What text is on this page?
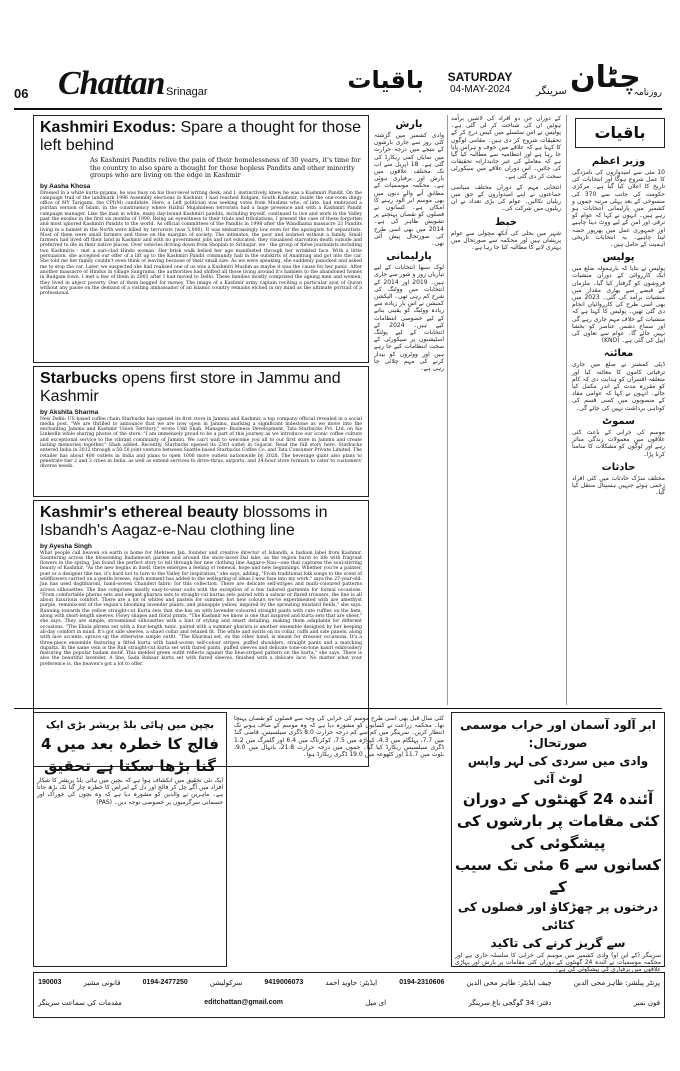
06 Chattan Srinagar	باقیات	SATURDAY
04-MAY-2024	سرینگر چٹان
روزنامہ
Kashmiri Exodus: Spare a thought for those left behind
As Kashmiri Pandits relive the pain of their homelessness of 30 years, it's time for the country to also spare a thought for those hopless Pandits and other minority groups who are living on the edge in Kashmir
by Aasha Khosa
Dressed in a white kurta-pyjama, he was busy on his floor-level writing desk, and I, instinctively, knew he was a Kashmiri Pandit. On the campaign trail of the landmark 1996 Assembly elections in Kashmir, I had reached Kulgam, South Kashmir, inside the one-room dingy office of MY Tarigami, the CPI(M) candidate. Here, a Left politician was seeking votes from Muslims who, of late, had embraced a puritan version of Islam, in the constituency where Hizbul Mujahideen terrorists had a huge presence and with a Kashmiri Pandit campaign manager. Like the man in white, many day-bound Kashmiri pandits, including myself, continued to live and work in the Valley past the exodus in the first six months of 1990. Being an eyewitness to their trials and tribulations, I present the case of these forgotten and most ignored Kashmiri Pandits to the world. As official committees of the Pandits in 1998 after the Wandhama massacre 23 Pandits living in a hamlet in the North were killed by terrorists (was 5,000). It was embarrassingly low even for the apologists for separatists. Most of them were small farmers and those on the margins of society. The intimates, the poor and isolated without a family. Small farmers had lived off their land in Kashmir and with no government jobs and not educated, they visualised starvation death outside and preferred to die in their native places. Over vehicles driving down from Shopian to Srinagar, we - the group of three journalists including two Kashmiris - met a sari-clad Hindu woman. Her brisk walk belied her age manifested through her wrinkled face. With a little persuasion, she accepted our offer of a lift up to the Kashmiri Pandit community hall in the outskirts of Anantnag and got into the car. She told me her family couldn't even think of leaving because of their small size. As we were speaking, she suddenly panicked and asked me to stop the car. Later, we suspected she had realised one of us was a Kashmiri Muslim as maybe it was the cause for her panic. After another massacre of Hindus in village Sangrama, the authorities had shifted all those living around it's hamlets to the abandoned homes in Budgam town. I met a few of them in 2003 after I had moved to Delhi. These families mostly comprised the ageing men and women; they lived in abject poverty. One of them begged for money. The image of a Kashmir army captain reciting a particular ayat of Quran without any pause on the demand of a visiting ambassador of an Islamic country remains etched in my mind as the ultimate portrait of a professional.
Starbucks opens first store in Jammu and Kashmir
by Akshita Sharma
New Delhi: US based coffee chain Starbucks has opened its first store in Jammu and Kashmir, a top company official revealed in a social media post. "We are thrilled to announce that we are now open in Jammu, marking a significant milestone as we move into the enchanting Jammu and Kashmir Union Territory," wrote Udit Shah, Manager- Business Development, Tata Starbucks Pvt. Ltd. on his LinkedIn while sharing photos of the store. "I am immensely proud to be a part of this journey as we introduce our iconic coffee culture and exceptional service to the vibrant community of Jammu. We can't wait to welcome you all to our first store in Jammu and create lasting memories together," Shah added. Recently, Starbucks opened its 23rd outlet in Gujarat. Read the full story here. Starbucks entered India in 2012 through a 50:50 joint venture between Seattle-based Starbucks Coffee Co. and Tata Consumer Private Limited. The retailer has about 400 outlets in India and plans to open 1000 more outlets nationwide by 2028. The beverage giant also plans to penetrate tier 2 and 3 cities in India, as well as extend services to drive-thrus, airports, and 24-hour store formats to cater to customers' diverse needs.
Kashmir's ethereal beauty blossoms in Isbandh's Aagaz-e-Nau clothing line
by Ayesha Singh
What people call heaven on earth is home for Mehreen Jan, founder and creative director of Isbandh, a fashion label from Kashmir. Sauntering across the blossoming Badamwari garden and around the snow-laced Dal lake, as the region burst to life with fragrant flowers in the spring, Jan found the perfect story to tell through her new clothing line Aagaz-e-Nau—one that captures the soul-stirring beauty of Kashmir. "As the new begins in itself, there emerges a feeling of renewal, hope and new beginnings. Whether you're a painter, poet or a designer like me, it's hard not to turn to the Valley for inspiration," she says, adding, "From traditional folk songs to the scent of wildflowers carried on a gentle breeze, each moment has added to the wellspring of ideas I now fuse into my work," says the 27-year-old. Jan has used doghbaroni, hand-woven Chanderi fabric for this collection. There are delicate self-stripes and multi-coloured patterns across silhouettes. The line comprises mostly easy-to-wear suits with the exception of a few tailored garments for formal occasions. "From comfortable pheras sets and elegant gharara sets to straight-cut kurtas sets paired with a salwar or flared trousers, the line is all about luxurious comfort. There are a lot of whites and pastels for summer, hot new colours we've experimented with are amethyst purple, reminiscent of the region's blooming lavender plants, and pineapple yellow, inspired by the sprawling mustard fields," she says. Running towards the yellow straight-cut Kurta sets that she has on with lavender-coloured straight pants with cute ruffles on the hem, along with short-length sleeves. Flowy shapes and floral prints. "The Kashmir we know is one that inspired and kurta sets that are sheer," she says. They are simple, streamlined silhouettes with a hint of styling and smart detailing, making them adaptable for different occasions. "The Ekala phrens set with a four-length tunic, paired with a summer gharara is another ensemble designed by her keeping all-day comfort in mind. It's got side sleeves, a shawl collar and relaxed fit. The white and swirls on its collar, cuffs and side panels, along with lace accents, spruce up the otherwise simple outfit. "The Khurmal set, on the other hand, is meant for dressier occasions. It's a three-piece ensemble featuring a fitted kurta with hand-woven self-colour stripes, puffed shoulders, straight pants and a matching dupatta. In the same vein is the Ruh straight-cut kurta set with flared pants, puffed sleeves and delicate tone-on-tone kasiri embroidery featuring the popular badam motif. This melded green outfit reflects against the blue-striped pattern on the kurta," she says. There is also the beautiful lavender, A line, Sada Bahaar kurta set with flared sleeves, finished with a delicate lace. No matter what your preference is, the heaven's got a lot to offer.
بارش
وادی کشمیر میں گزشتہ کئی روز سے جاری بارشوں کے نتیجے میں درجہ حرارت میں نمایاں کمی ریکارڈ کی گئی ہے۔ 18 اپریل سے اب تک مختلف علاقوں میں بارش اور برفباری ہوئی ہے۔ محکمہ موسمیات کے مطابق آنے والے دنوں میں بھی موسم ابر آلود رہنے کا امکان ہے۔ کسانوں نے فصلوں کو نقصان پہنچنے پر تشویش ظاہر کی ہے۔ 2014 میں بھی اسی طرح کی صورتحال پیش آئی تھی۔
پارلیمانی
لوک سبھا انتخابات کے لیے تیاریاں زور و شور سے جاری ہیں۔ 2019 اور 2014 کے انتخابات میں ووٹنگ کی شرح کم رہی تھی۔ الیکشن کمیشن نے اس بار زیادہ سے زیادہ ووٹنگ کو یقینی بنانے کے لیے خصوصی انتظامات کیے ہیں۔ 2024 کے انتخابات کے لیے پولنگ اسٹیشنوں پر سیکورٹی کے سخت انتظامات کیے جا رہے ہیں اور ووٹروں کو بیدار کرنے کی مہم چلائی جا رہی ہے۔
کے دوران جن دو افراد کی لاشیں برآمد ہوئیں ان کی شناخت کر لی گئی ہے۔ پولیس نے اس سلسلے میں کیس درج کر کے تحقیقات شروع کر دی ہیں۔ مقامی لوگوں کا کہنا ہے کہ علاقے میں خوف و ہراس پایا جا رہا ہے اور انتظامیہ سے مطالبہ کیا گیا ہے کہ معاملے کی غیر جانبدارانہ تحقیقات کی جائیں۔ اس دوران علاقے میں سیکورٹی سخت کر دی گئی ہے۔
انتخابی مہم کے دوران مختلف سیاسی جماعتوں نے اپنے امیدواروں کے حق میں ریلیاں نکالیں۔ عوام کی بڑی تعداد نے ان ریلیوں میں شرکت کی۔
خبط
شہر میں بجلی کی آنکھ مچولی سے عوام پریشان ہیں اور محکمہ سے صورتحال میں بہتری لانے کا مطالبہ کیا جا رہا ہے۔
باقیات
وزیر اعظم
10 مئی سے امیدواروں کی نامزدگی کا عمل شروع ہوگا اور انتخابات کی تاریخ کا اعلان کیا گیا ہے۔ مرکزی حکومت کی جانب سے 370 کی منسوخی کے بعد پہلی مرتبہ جموں و کشمیر میں پارلیمانی انتخابات ہو رہے ہیں۔ انہوں نے کہا کہ عوام کو ترقی اور امن کے لیے ووٹ دینا چاہیے اور جمہوری عمل میں بھرپور حصہ لینا چاہیے۔ یہ انتخابات تاریخی اہمیت کے حامل ہیں۔
پولیس
پولیس نے بتایا کہ بارہمولہ ضلع میں ایک کارروائی کے دوران منشیات فروشوں کو گرفتار کیا گیا۔ ملزمان کے قبضے سے بھاری مقدار میں منشیات برآمد کی گئی۔ 2023 میں بھی اسی طرح کی کارروائیاں انجام دی گئی تھیں۔ پولیس کا کہنا ہے کہ منشیات کے خلاف مہم جاری رہے گی اور سماج دشمن عناصر کو بخشا نہیں جائے گا۔ عوام سے تعاون کی اپیل کی گئی ہے۔ (KNO)
معائنہ
ڈپٹی کمشنر نے ضلع میں جاری ترقیاتی کاموں کا معائنہ کیا اور متعلقہ افسران کو ہدایت دی کہ کام کو مقررہ مدت کے اندر مکمل کیا جائے۔ انہوں نے کہا کہ عوامی مفاد کے منصوبوں میں کسی قسم کی کوتاہی برداشت نہیں کی جائے گی۔
سموٹ
موسم کی خرابی کے باعث کئی علاقوں میں معمولات زندگی متاثر رہے اور لوگوں کو مشکلات کا سامنا کرنا پڑا۔
حادثات
مختلف سڑک حادثات میں کئی افراد زخمی ہوئے جنہیں ہسپتال منتقل کیا گیا۔
ابر آلود آسمان اور خراب موسمی صورتحال:
وادی میں سردی کی لہر واپس لوٹ آئی
آئندہ 24 گھنٹوں کے دوران
کئی مقامات پر بارشوں کی پیشگوئی کی
کسانوں سے 6 مئی تک سیب کے
درختوں پر چھڑکاؤ اور فصلوں کی کٹائی
سے گریز کرنے کی تاکید
سرینگر (کے این او) وادی کشمیر میں موسم کی خرابی کا سلسلہ جاری ہے اور محکمہ موسمیات نے آئندہ 24 گھنٹوں کے دوران کئی مقامات پر بارش اور پہاڑی علاقوں میں برفباری کی پیشگوئی کی ہے۔
کئی سال قبل بھی اسی طرح موسم کی خرابی کی وجہ سے فصلوں کو نقصان پہنچا تھا۔ محکمہ زراعت نے کسانوں کو مشورہ دیا ہے کہ وہ موسم کے صاف ہونے تک انتظار کریں۔ سرینگر میں کم سے کم درجہ حرارت 8.0 ڈگری سیلسیس، قاضی گنڈ میں 7.7، پہلگام میں 4.3، کپواڑہ میں 7.5، کوکرناگ میں 6.4 اور گلمرگ میں 1.2 ڈگری سیلسیس ریکارڈ کیا گیا۔ جموں میں درجہ حرارت 21.8، بانہال میں 9.0، بٹوت میں 11.7 اور کٹھوعہ میں 19.0 ڈگری ریکارڈ ہوا۔
بچپن میں ہائی بلڈ پریشر بڑی ایک
فالج کا خطرہ بعد میں 4 گنا بڑھا سکتا ہے تحقیق
ایک نئی تحقیق میں انکشاف ہوا ہے کہ بچپن میں ہائی بلڈ پریشر کا شکار افراد میں آگے چل کر فالج اور دل کے امراض کا خطرہ چار گنا تک بڑھ جاتا ہے۔ ماہرین نے والدین کو مشورہ دیا ہے کہ وہ بچوں کی خوراک اور جسمانی سرگرمیوں پر خصوصی توجہ دیں۔ (PAS)
پرنٹر پبلشر: طاہر محی الدین
چیف ایڈیٹر: طاہر محی الدین
0194-2310606
ایڈیٹر: جاوید احمد
9419006073
سرکولیشن
0194-2477250
قانونی مشیر
190003
فون نمبر
دفتر: 34 گوگجی باغ سرینگر
ای میل
editchattan@gmail.com
مقدمات کی سماعت سرینگر
